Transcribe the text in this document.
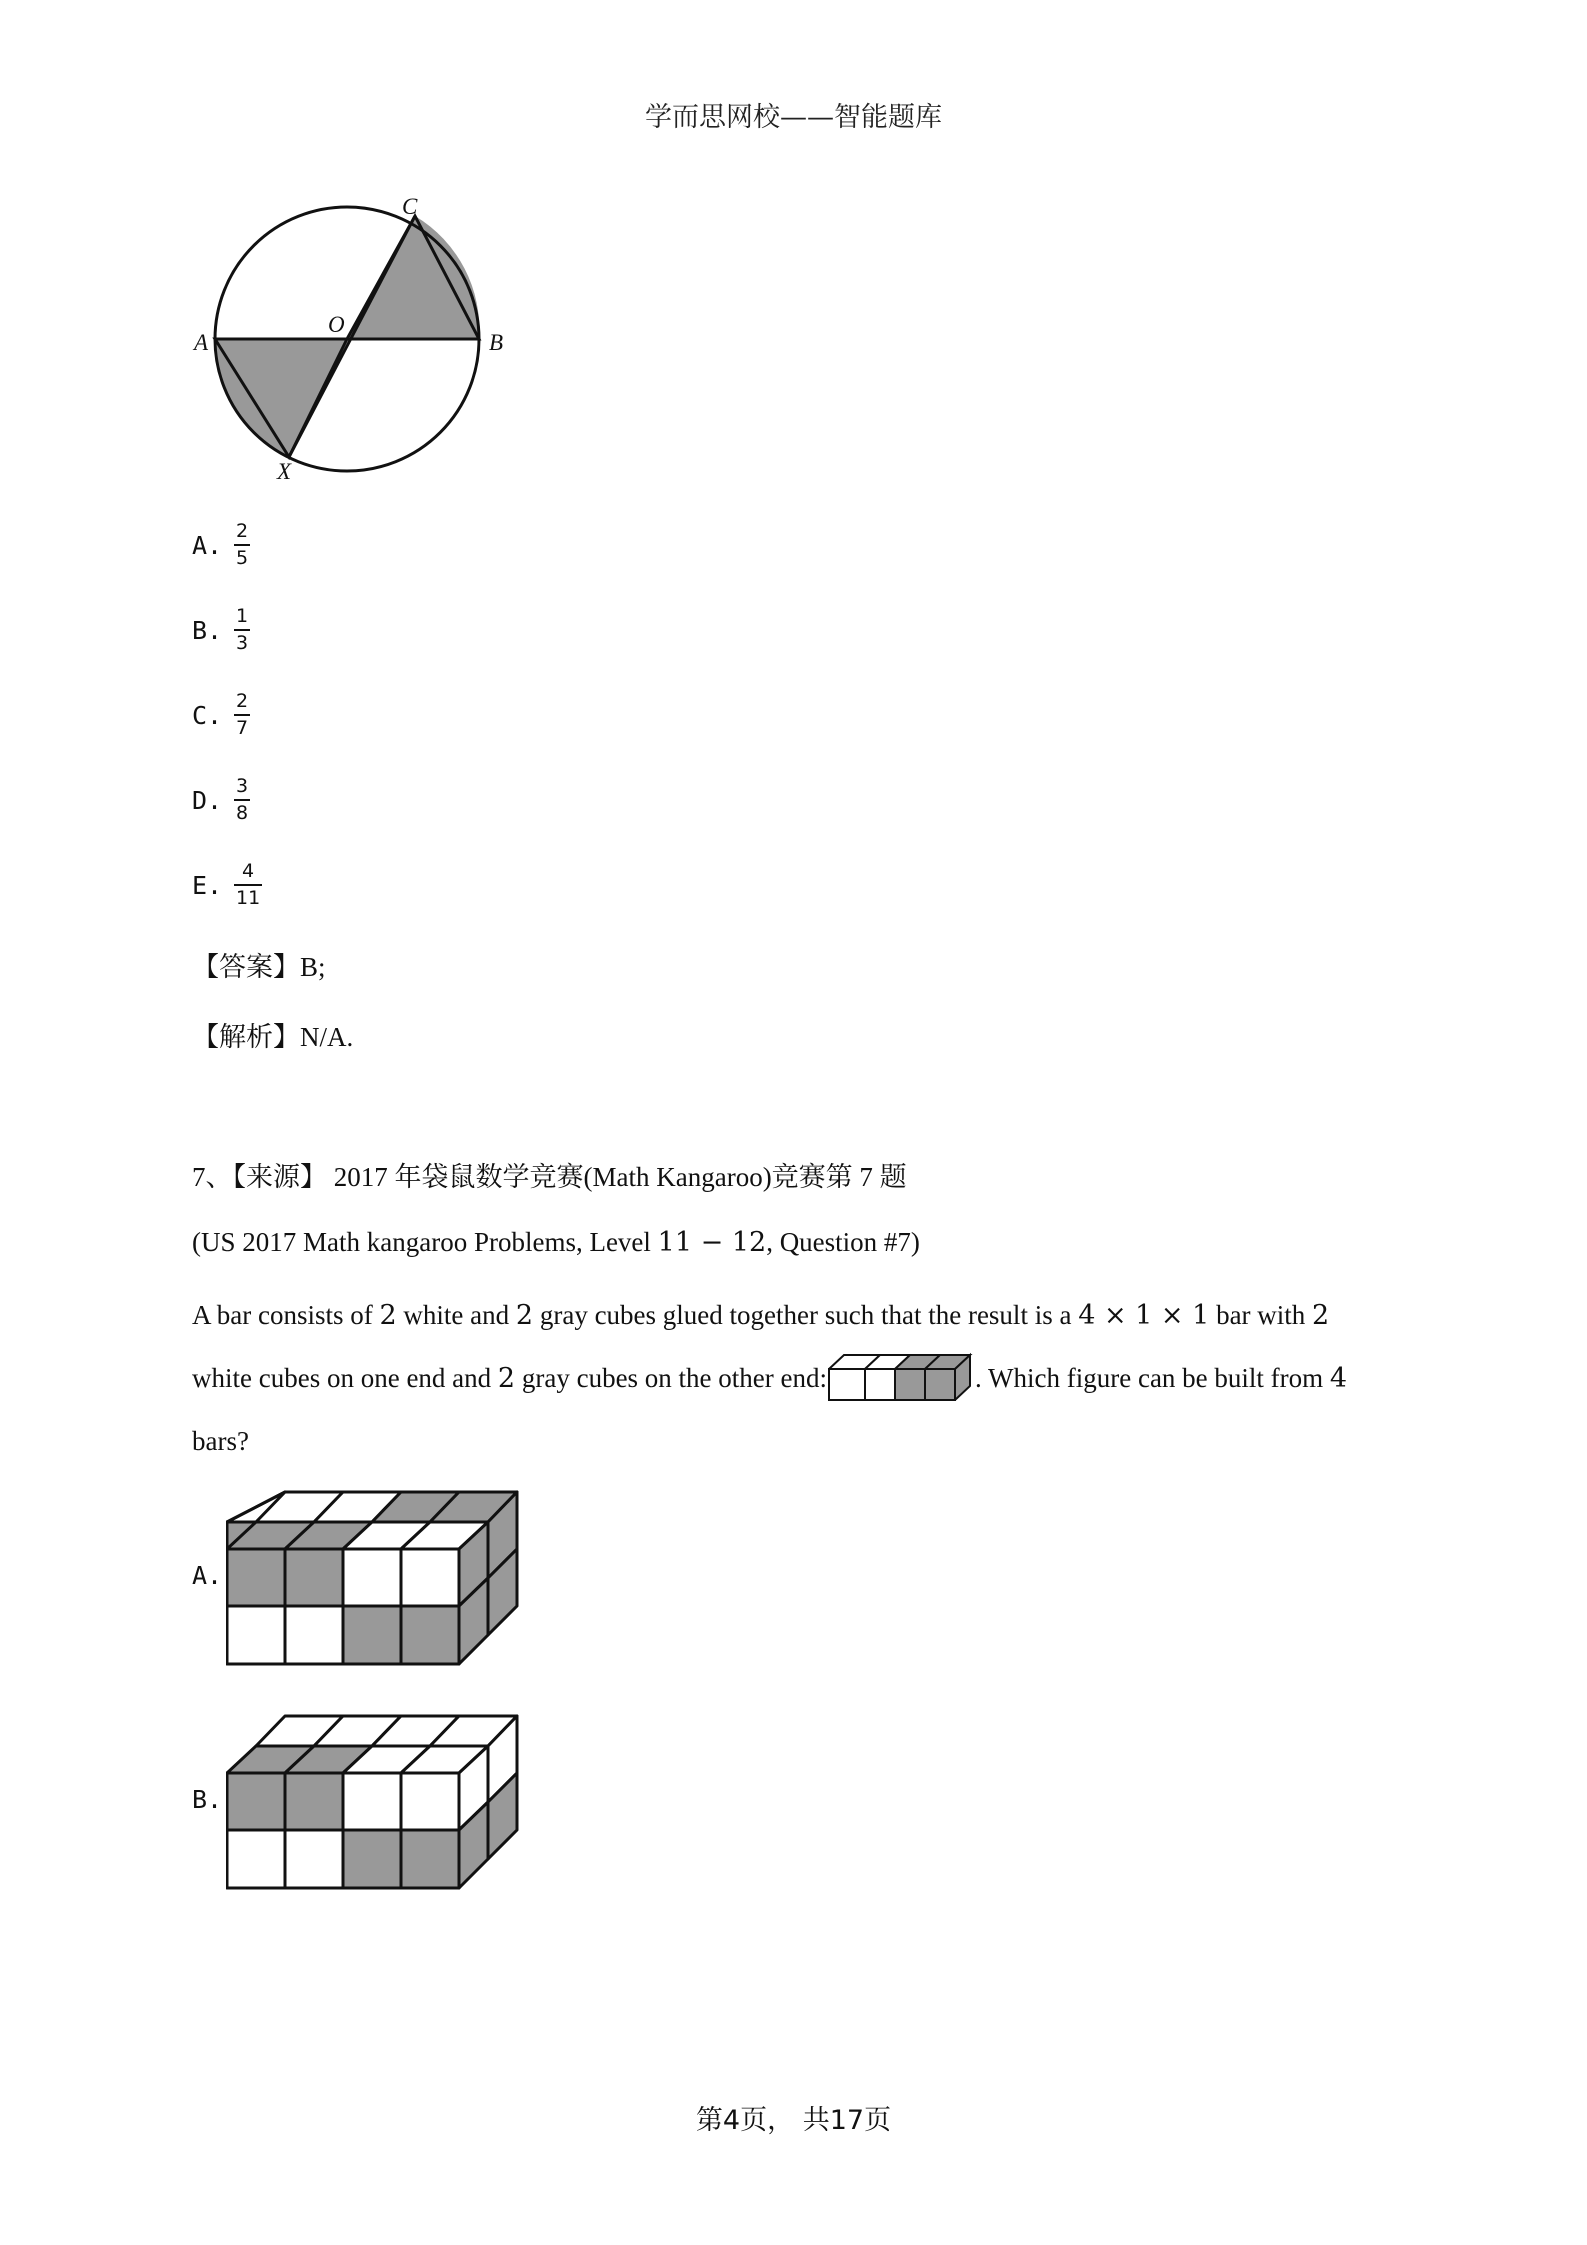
学而思网校——智能题库
C
O
A	B
X
A. $\frac{2}{5}$
B. $\frac{1}{3}$
C. $\frac{2}{7}$
D. $\frac{3}{8}$
E. $\frac{4}{11}$
【答案】B;
【解析】N/A.
7、【来源】 2017 年袋鼠数学竞赛(Math Kangaroo)竞赛第 7 题
(US 2017 Math kangaroo Problems, Level 11 − 12, Question #7)
A bar consists of 2 white and 2 gray cubes glued together such that the result is a 4 × 1 × 1 bar with 2 white cubes on one end and 2 gray cubes on the other end:	. Which figure can be built from 4 bars?
A.
B.
第4页， 共17页
